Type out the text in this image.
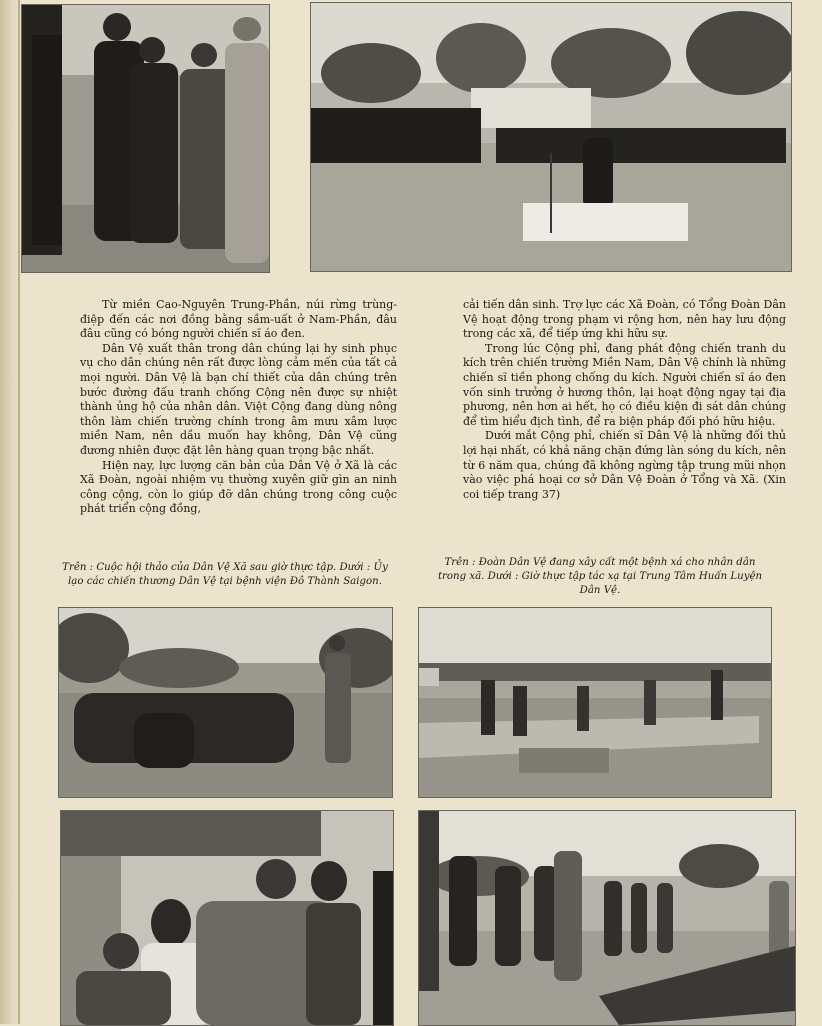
Từ miền Cao-Nguyên Trung-Phần, núi rừng trùng-điệp đến các nơi đồng bằng sầm-uất ở Nam-Phần, đâu đâu cũng có bóng người chiến sĩ áo đen.

Dân Vệ xuất thân trong dân chúng lại hy sinh phục vụ cho dân chúng nên rất được lòng cảm mến của tất cả mọi người. Dân Vệ là bạn chí thiết của dân chúng trên bước đường đấu tranh chống Cộng nên được sự nhiệt thành ủng hộ của nhân dân. Việt Cộng đang dùng nông thôn làm chiến trường chính trong âm mưu xâm lược miền Nam, nên dầu muốn hay không, Dân Vệ cũng đương nhiên được đặt lên hàng quan trọng bậc nhất.

Hiện nay, lực lượng căn bản của Dân Vệ ở Xã là các Xã Đoàn, ngoài nhiệm vụ thường xuyên giữ gìn an ninh công cộng, còn lo giúp đỡ dân chúng trong công cuộc phát triển cộng đồng,

cải tiến dân sinh. Trợ lực các Xã Đoàn, có Tổng Đoàn Dân Vệ hoạt động trong phạm vi rộng hơn, nên hay lưu động trong các xã, để tiếp ứng khi hữu sự.

Trong lúc Cộng phỉ, đang phát động chiến tranh du kích trên chiến trường Miền Nam, Dân Vệ chính là những chiến sĩ tiền phong chống du kích. Người chiến sĩ áo đen vốn sinh trưởng ở hương thôn, lại hoạt động ngay tại địa phương, nên hơn ai hết, họ có điều kiện đi sát dân chúng để tìm hiểu địch tình, để ra biện pháp đối phó hữu hiệu.

Dưới mắt Cộng phỉ, chiến sĩ Dân Vệ là những đối thủ lợi hại nhất, có khả năng chặn đứng làn sóng du kích, nên từ 6 năm qua, chúng đã không ngừng tập trung mũi nhọn vào việc phá hoại cơ sở Dân Vệ Đoàn ở Tổng và Xã. (Xin coi tiếp trang 37)

Trên : Cuộc hội thảo của Dân Vệ Xã sau giờ thực tập. Dưới : Ủy lạo các chiến thương Dân Vệ tại bệnh viện Đô Thành Saigon.
Trên : Đoàn Dân Vệ đang xây cất một bệnh xá cho nhân dân trong xã. Dưới : Giờ thực tập tác xạ tại Trung Tâm Huấn Luyện Dân Vệ.
